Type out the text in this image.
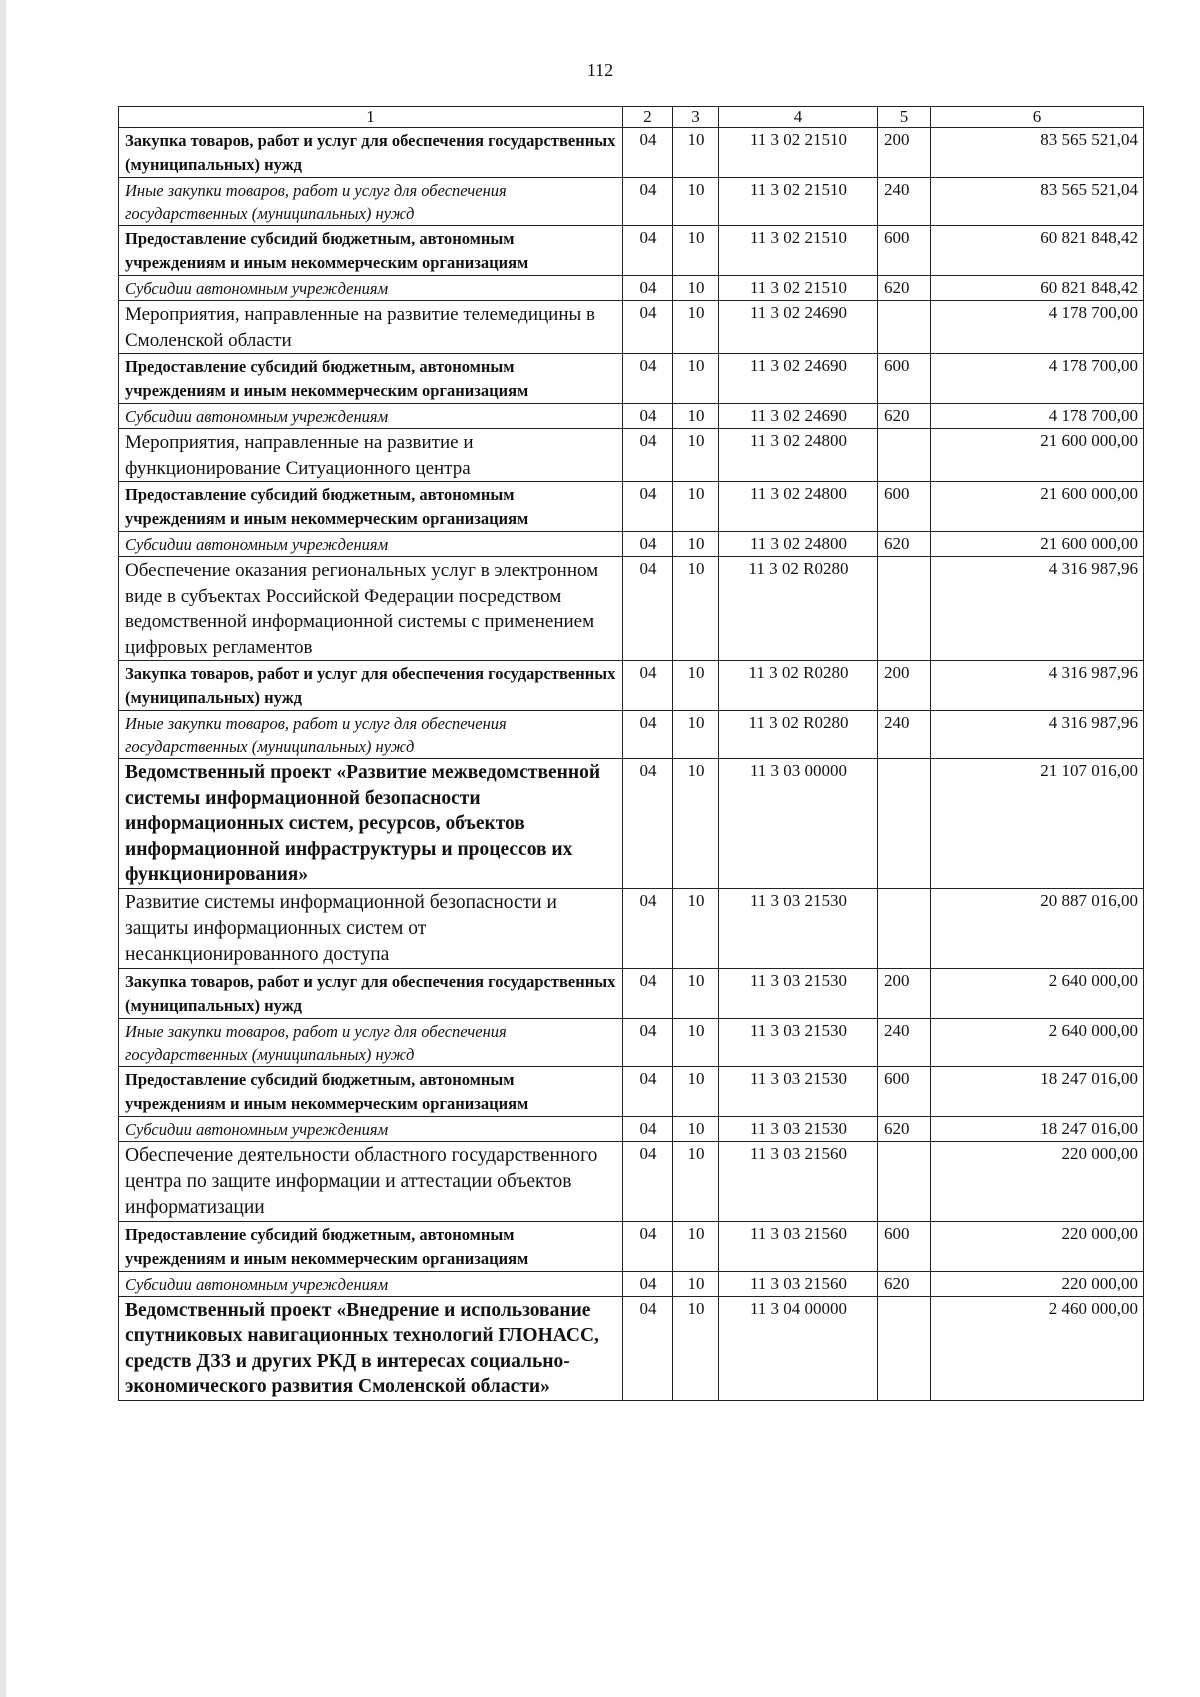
112
1	2	3	4	5	6
Закупка товаров, работ и услуг для обеспечения государственных (муниципальных) нужд	04	10	11 3 02 21510	200	83 565 521,04
Иные закупки товаров, работ и услуг для обеспечения государственных (муниципальных) нужд	04	10	11 3 02 21510	240	83 565 521,04
Предоставление субсидий бюджетным, автономным учреждениям и иным некоммерческим организациям	04	10	11 3 02 21510	600	60 821 848,42
Субсидии автономным учреждениям	04	10	11 3 02 21510	620	60 821 848,42
Мероприятия, направленные на развитие телемедицины в Смоленской области	04	10	11 3 02 24690		4 178 700,00
Предоставление субсидий бюджетным, автономным учреждениям и иным некоммерческим организациям	04	10	11 3 02 24690	600	4 178 700,00
Субсидии автономным учреждениям	04	10	11 3 02 24690	620	4 178 700,00
Мероприятия, направленные на развитие и функционирование Ситуационного центра	04	10	11 3 02 24800		21 600 000,00
Предоставление субсидий бюджетным, автономным учреждениям и иным некоммерческим организациям	04	10	11 3 02 24800	600	21 600 000,00
Субсидии автономным учреждениям	04	10	11 3 02 24800	620	21 600 000,00
Обеспечение оказания региональных услуг в электронном виде в субъектах Российской Федерации посредством ведомственной информационной системы с применением цифровых регламентов	04	10	11 3 02 R0280		4 316 987,96
Закупка товаров, работ и услуг для обеспечения государственных (муниципальных) нужд	04	10	11 3 02 R0280	200	4 316 987,96
Иные закупки товаров, работ и услуг для обеспечения государственных (муниципальных) нужд	04	10	11 3 02 R0280	240	4 316 987,96
Ведомственный проект «Развитие межведомственной системы информационной безопасности информационных систем, ресурсов, объектов информационной инфраструктуры и процессов их функционирования»	04	10	11 3 03 00000		21 107 016,00
Развитие системы информационной безопасности и защиты информационных систем от несанкционированного доступа	04	10	11 3 03 21530		20 887 016,00
Закупка товаров, работ и услуг для обеспечения государственных (муниципальных) нужд	04	10	11 3 03 21530	200	2 640 000,00
Иные закупки товаров, работ и услуг для обеспечения государственных (муниципальных) нужд	04	10	11 3 03 21530	240	2 640 000,00
Предоставление субсидий бюджетным, автономным учреждениям и иным некоммерческим организациям	04	10	11 3 03 21530	600	18 247 016,00
Субсидии автономным учреждениям	04	10	11 3 03 21530	620	18 247 016,00
Обеспечение деятельности областного государственного центра по защите информации и аттестации объектов информатизации	04	10	11 3 03 21560		220 000,00
Предоставление субсидий бюджетным, автономным учреждениям и иным некоммерческим организациям	04	10	11 3 03 21560	600	220 000,00
Субсидии автономным учреждениям	04	10	11 3 03 21560	620	220 000,00
Ведомственный проект «Внедрение и использование спутниковых навигационных технологий ГЛОНАСС, средств ДЗЗ и других РКД в интересах социально-экономического развития Смоленской области»	04	10	11 3 04 00000		2 460 000,00
